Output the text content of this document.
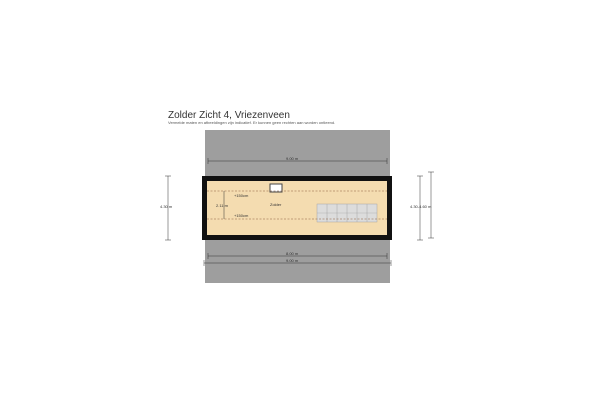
Zolder Zicht 4, Vriezenveen
Vermelde maten en afbeeldingen zijn indicatief. Er kunnen geen rechten aan worden ontleend.
+150cm
+150cm
2.11 m	Zolder
9.00 m
8.00 m
9.00 m
4.30 m	4.30-4.60 m
